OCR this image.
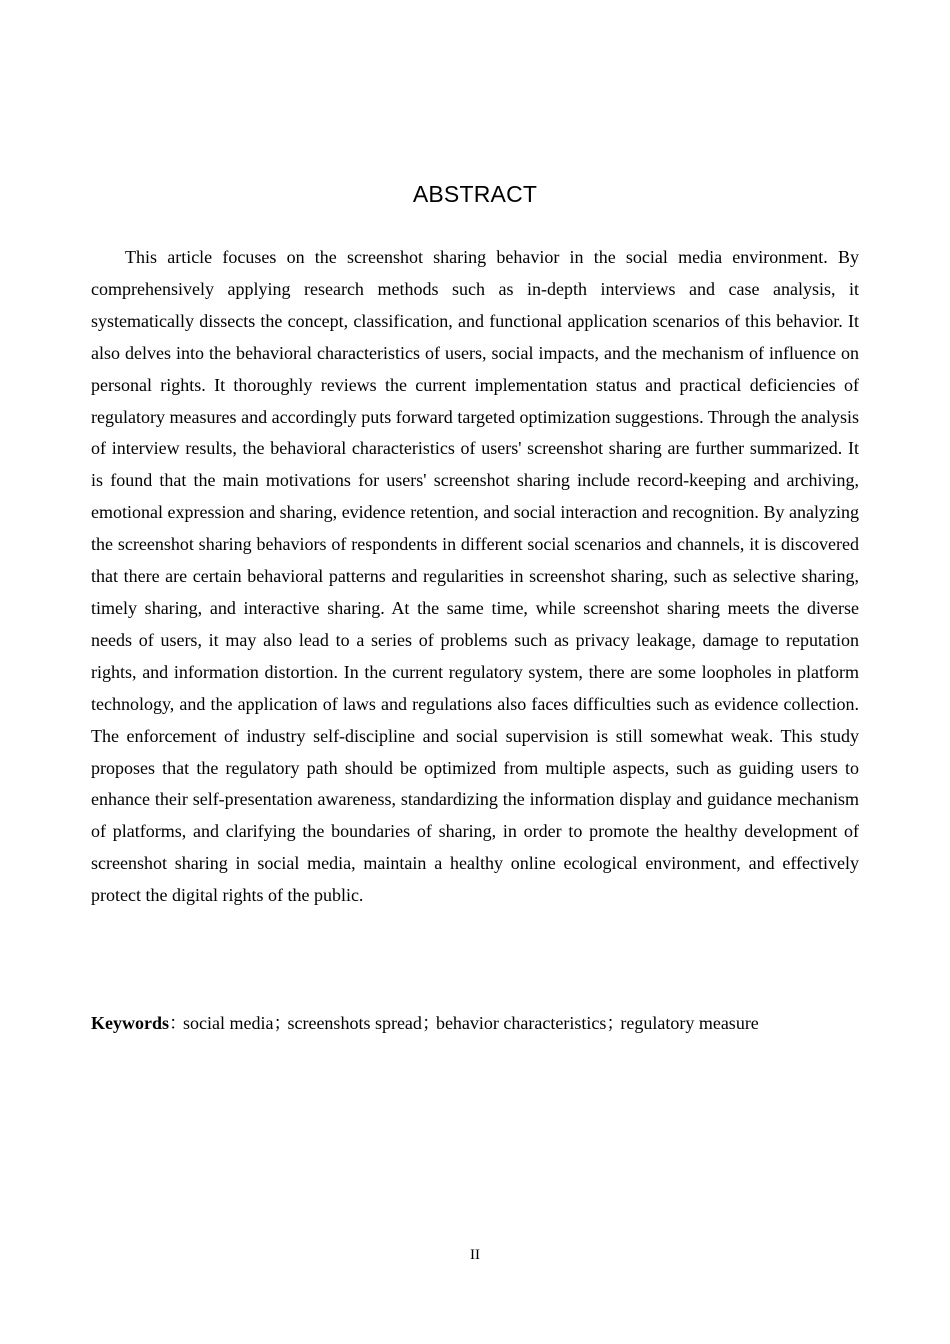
ABSTRACT

This article focuses on the screenshot sharing behavior in the social media environment. By comprehensively applying research methods such as in-depth interviews and case analysis, it systematically dissects the concept, classification, and functional application scenarios of this behavior. It also delves into the behavioral characteristics of users, social impacts, and the mechanism of influence on personal rights. It thoroughly reviews the current implementation status and practical deficiencies of regulatory measures and accordingly puts forward targeted optimization suggestions. Through the analysis of interview results, the behavioral characteristics of users' screenshot sharing are further summarized. It is found that the main motivations for users' screenshot sharing include record-keeping and archiving, emotional expression and sharing, evidence retention, and social interaction and recognition. By analyzing the screenshot sharing behaviors of respondents in different social scenarios and channels, it is discovered that there are certain behavioral patterns and regularities in screenshot sharing, such as selective sharing, timely sharing, and interactive sharing. At the same time, while screenshot sharing meets the diverse needs of users, it may also lead to a series of problems such as privacy leakage, damage to reputation rights, and information distortion. In the current regulatory system, there are some loopholes in platform technology, and the application of laws and regulations also faces difficulties such as evidence collection. The enforcement of industry self-discipline and social supervision is still somewhat weak. This study proposes that the regulatory path should be optimized from multiple aspects, such as guiding users to enhance their self-presentation awareness, standardizing the information display and guidance mechanism of platforms, and clarifying the boundaries of sharing, in order to promote the healthy development of screenshot sharing in social media, maintain a healthy online ecological environment, and effectively protect the digital rights of the public.

Keywords：social media；screenshots spread；behavior characteristics；regulatory measure

II
